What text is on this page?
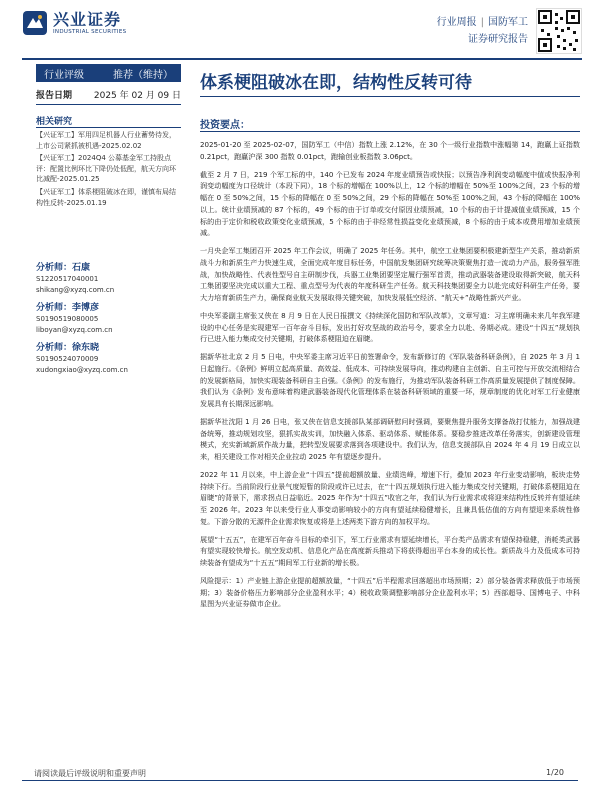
兴业证券
INDUSTRIAL SECURITIES
行业周报 | 国防军工
证券研究报告
行业评级	推荐（维持）
报告日期 2025 年 02 月 09 日
相关研究
【兴证军工】军用四足机器人行业蓄势待发，上市公司紧抓被机遇-2025.02.02
【兴证军工】2024Q4 公募基金军工持股点评：配置比例环比下降仍处低配，航天方向环比减配-2025.01.25
【兴证军工】体系梗阻破冰在即，谨慎布局结构性反转-2025.01.19
分析师：石康
S1220517040001
shikang@xyzq.com.cn
分析师：李博彦
S0190519080005
liboyan@xyzq.com.cn
分析师：徐东晓
S0190524070009
xudongxiao@xyzq.com.cn
体系梗阻破冰在即，结构性反转可待
投资要点：

2025-01-20 至 2025-02-07，国防军工（中信）指数上涨 2.12%，在 30 个一级行业指数中涨幅第 14，跑赢上证指数 0.21pct，跑赢沪深 300 指数 0.01pct，跑输创业板指数 3.06pct。

截至 2 月 7 日，219 个军工标的中，140 个已发布 2024 年度业绩预告或快报；以预告净利润变动幅度中值或快报净利润变动幅度为口径统计（本段下同），18 个标的增幅在 100%以上，12 个标的增幅在 50%至 100%之间，23 个标的增幅在 0 至 50%之间，15 个标的降幅在 0 至 50%之间，29 个标的降幅在 50%至 100%之间，43 个标的降幅在 100%以上。统计业绩预减的 87 个标的，49 个标的由于订单或交付原因业绩预减，10 个标的由于计提减值业绩预减，15 个标的由于定价和税收政策变化业绩预减，5 个标的由于非经常性损益变化业绩预减，8 个标的由于成本或费用增加业绩预减。

一月央企军工集团召开 2025 年工作会议，明确了 2025 年任务。其中，航空工业集团要积极建新型生产关系，推动新质战斗力和新质生产力快速生成，全面完成年度目标任务，中国航发集团研究统筹决策聚焦打造一流动力产品，服务强军胜战，加快战略性、代表性型号自主研制步伐，兵器工业集团要坚定履行强军首责，推动武器装备建设取得新突破，航天科工集团要坚决完成以重大工程、重点型号为代表的年度科研生产任务。航天科技集团要全力以赴完成好科研生产任务，要大力培育新质生产力，确保商业航天发展取得关键突破，加快发展低空经济、“航天+”战略性新兴产业。

中央军委副主席张又侠在 8 月 9 日在人民日报撰文《持续深化国防和军队改革》，文章写道：习主席明确未来几年我军建设的中心任务是实现建军一百年奋斗目标，发出打好攻坚战的政治号令，要求全力以赴、务期必成。建设“十四五”规划执行已进入能力集成交付关键期，打破体系梗阻迫在眉睫。

据新华社北京 2 月 5 日电，中央军委主席习近平日前签署命令，发布新修订的《军队装备科研条例》，自 2025 年 3 月 1 日起施行。《条例》鲜明立起高质量、高效益、低成本、可持续发展导向，推动构建自主创新、自主可控与开放交流相结合的发展新格局，加快实现装备科研自主自强。《条例》的发布施行，为推动军队装备科研工作高质量发展提供了制度保障。我们认为《条例》发布意味着构建武器装备现代化管理体系在装备科研领域的重要一环，规章制度的优化对军工行业健康发展具有长期深远影响。

据新华社沈阳 1 月 26 日电，张又侠在信息支援部队某部调研慰问时强调，要聚焦提升服务支撑备战打仗能力，加强战建备统筹，推动规划攻坚，狠抓实战实训，加快融入体系、驱动体系、赋能体系。要稳步推进改革任务落实，创新建设管理模式，充实新域新质作战力量，把转型发展要求落到各项建设中。我们认为，信息支援部队自 2024 年 4 月 19 日成立以来，相关建设工作对相关企业拉动 2025 年有望逐步提升。

2022 年 11 月以来，中上游企业“十四五”提前超额放量、业绩迭峰，增速下行，叠加 2023 年行业变动影响，板块走势持续下行。当前阶段行业景气度短暂的阶段或许已过去，在“十四五规划执行进入能力集成交付关键期，打破体系梗阻迫在眉睫”的背景下，需求拐点日益临近。2025 年作为“十四五”收官之年，我们认为行业需求或将迎来结构性反转并有望延续至 2026 年。2023 年以来受行业人事变动影响较小的方向有望延续稳健增长，且兼具低估值的方向有望迎来系统性修复。下游分散的无源件企业需求恢复或将是上述两类下游方向的加权平均。

展望“十五五”，在建军百年奋斗目标的牵引下，军工行业需求有望延续增长，平台类产品需求有望保持稳健，消耗类武器有望实现较快增长。航空发动机、信息化产品在高度新兵推动下将获得超出平台本身的成长性。新质战斗力及低成本可持续装备有望成为“十五五”期间军工行业新的增长极。

风险提示：1）产业链上游企业提前超额放量，“十四五”后半程需求回落超出市场预期；2）部分装备需求释放低于市场预期；3）装备价格压力影响部分企业盈利水平；4）税收政策调整影响部分企业盈利水平；5）西部超导、国博电子、中科星图为兴业证券做市企业。

请阅读最后评级说明和重要声明	1/20
